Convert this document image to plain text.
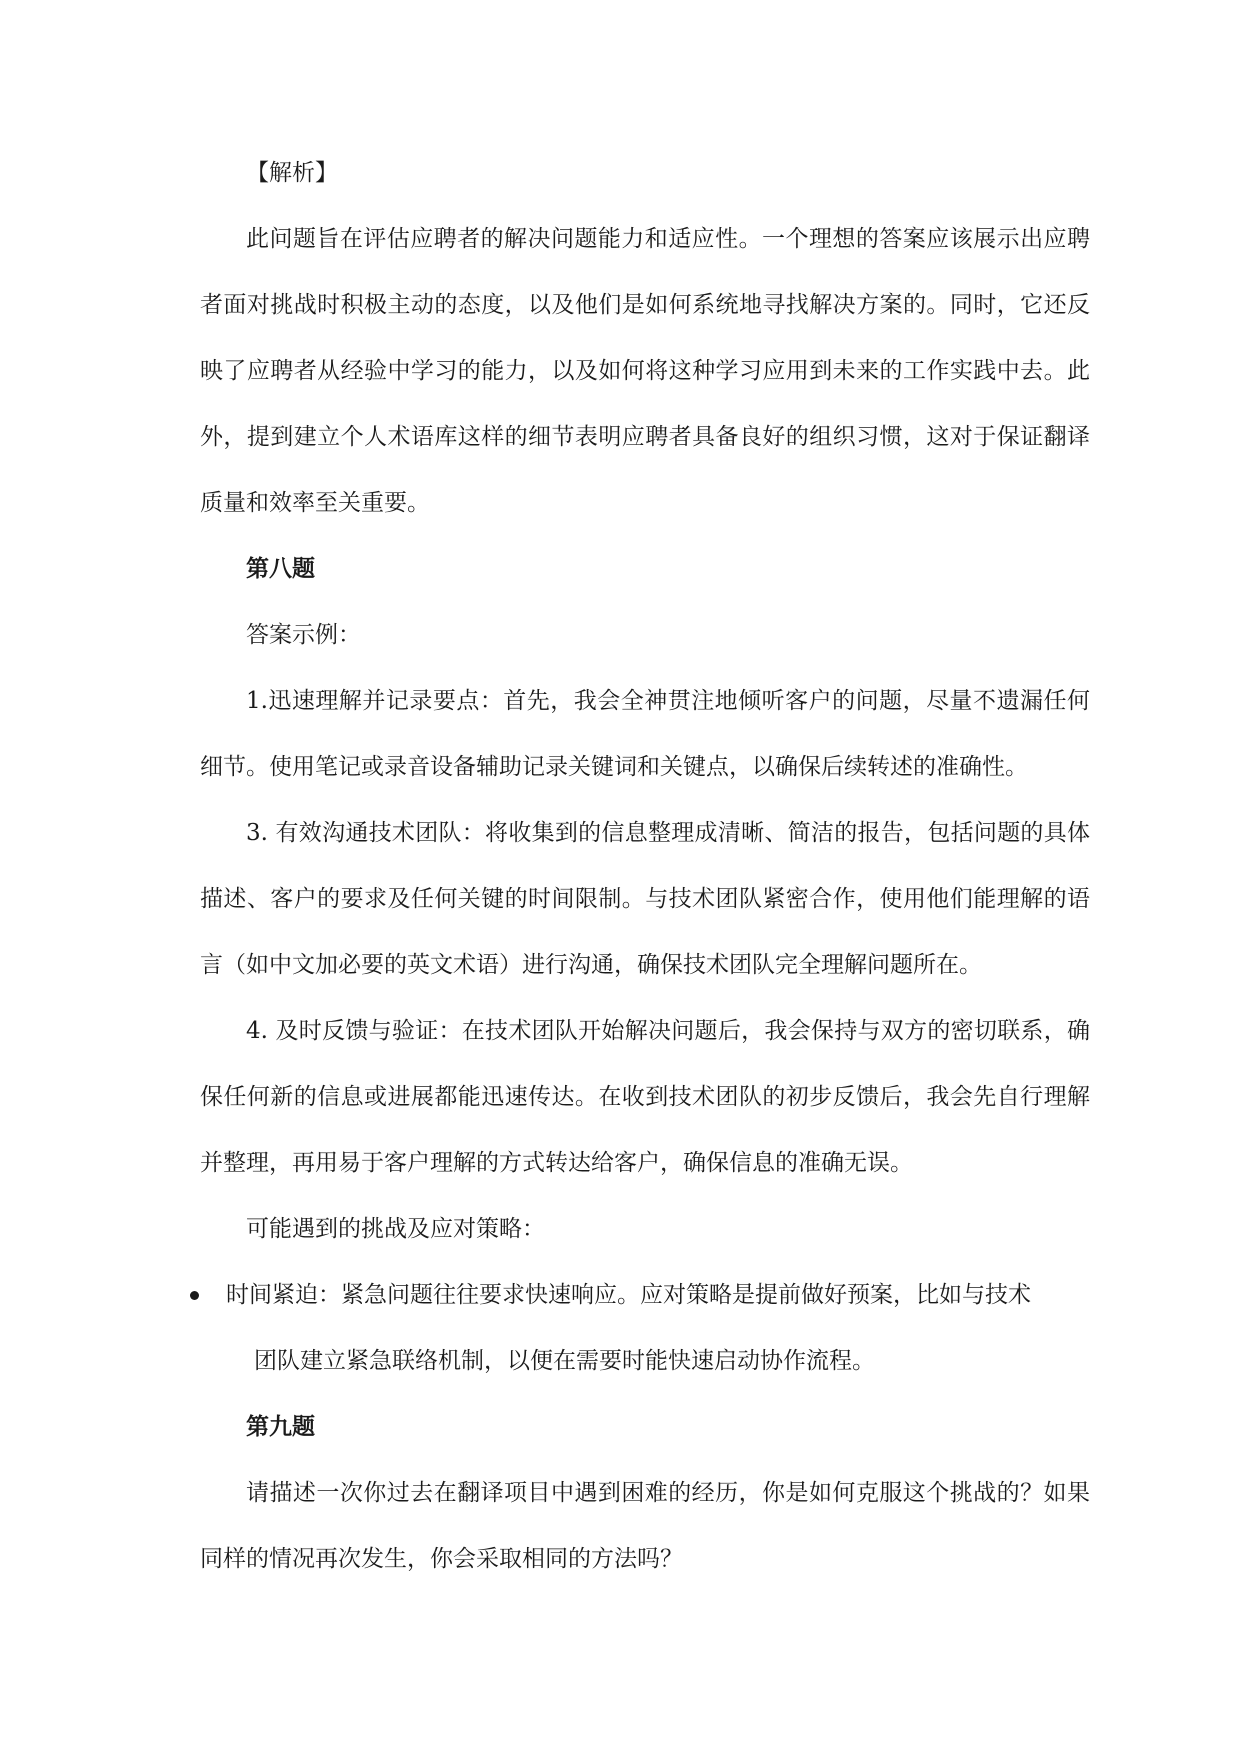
【解析】

此问题旨在评估应聘者的解决问题能力和适应性。一个理想的答案应该展示出应聘者面对挑战时积极主动的态度，以及他们是如何系统地寻找解决方案的。同时，它还反映了应聘者从经验中学习的能力，以及如何将这种学习应用到未来的工作实践中去。此外，提到建立个人术语库这样的细节表明应聘者具备良好的组织习惯，这对于保证翻译质量和效率至关重要。

第八题

答案示例：

1.迅速理解并记录要点：首先，我会全神贯注地倾听客户的问题，尽量不遗漏任何细节。使用笔记或录音设备辅助记录关键词和关键点，以确保后续转述的准确性。

3. 有效沟通技术团队：将收集到的信息整理成清晰、简洁的报告，包括问题的具体描述、客户的要求及任何关键的时间限制。与技术团队紧密合作，使用他们能理解的语言（如中文加必要的英文术语）进行沟通，确保技术团队完全理解问题所在。

4. 及时反馈与验证：在技术团队开始解决问题后，我会保持与双方的密切联系，确保任何新的信息或进展都能迅速传达。在收到技术团队的初步反馈后，我会先自行理解并整理，再用易于客户理解的方式转达给客户，确保信息的准确无误。

可能遇到的挑战及应对策略：

时间紧迫：紧急问题往往要求快速响应。应对策略是提前做好预案，比如与技术
团队建立紧急联络机制，以便在需要时能快速启动协作流程。

第九题

请描述一次你过去在翻译项目中遇到困难的经历，你是如何克服这个挑战的？如果同样的情况再次发生，你会采取相同的方法吗？
